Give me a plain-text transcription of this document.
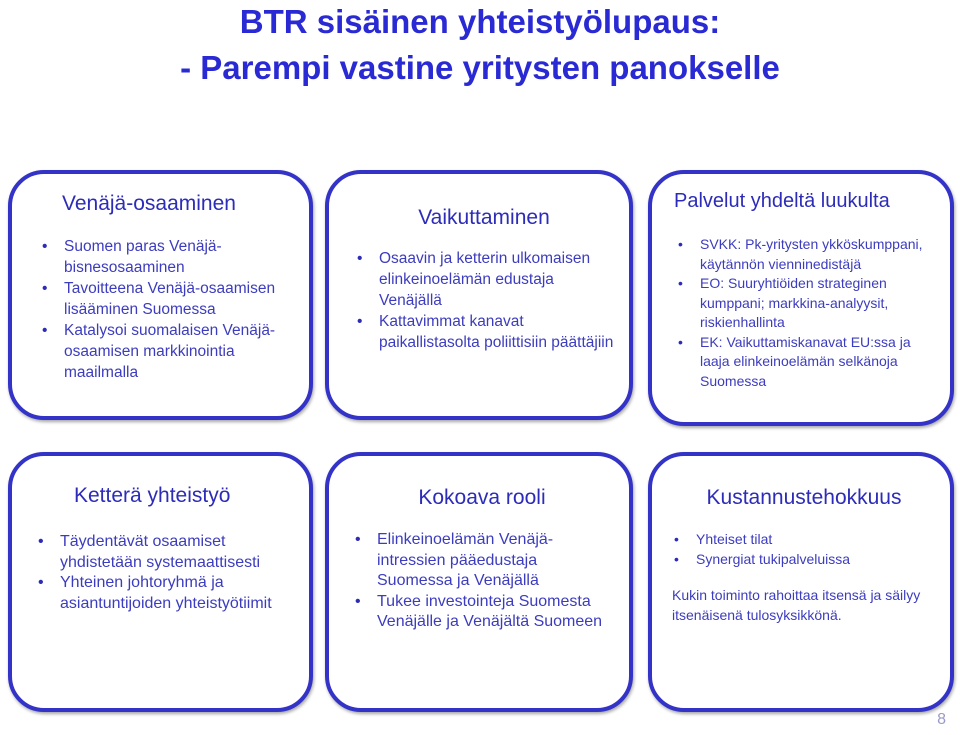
BTR sisäinen yhteistyölupaus:
- Parempi vastine yritysten panokselle
Venäjä-osaaminen
• Suomen paras Venäjä-bisnesosaaminen
• Tavoitteena Venäjä-osaamisen lisääminen Suomessa
• Katalysoi suomalaisen Venäjä-osaamisen markkinointia maailmalla
Vaikuttaminen
• Osaavin ja ketterin ulkomaisen elinkeinoelämän edustaja Venäjällä
• Kattavimmat kanavat paikallistasolta poliittisiin päättäjiin
Palvelut yhdeltä luukulta
• SVKK: Pk-yritysten ykköskumppani, käytännön vienninedistäjä
• EO: Suuryhtiöiden strateginen kumppani; markkina-analyysit, riskienhallinta
• EK: Vaikuttamiskanavat EU:ssa ja laaja elinkeinoelämän selkänoja Suomessa
Ketterä yhteistyö
• Täydentävät osaamiset yhdistetään systemaattisesti
• Yhteinen johtoryhmä ja asiantuntijoiden yhteistyötiimit
Kokoava rooli
• Elinkeinoelämän Venäjä-intressien pääedustaja Suomessa ja Venäjällä
• Tukee investointeja Suomesta Venäjälle ja Venäjältä Suomeen
Kustannustehokkuus
• Yhteiset tilat
• Synergiat tukipalveluissa
Kukin toiminto rahoittaa itsensä ja säilyy itsenäisenä tulosyksikkönä.
8
